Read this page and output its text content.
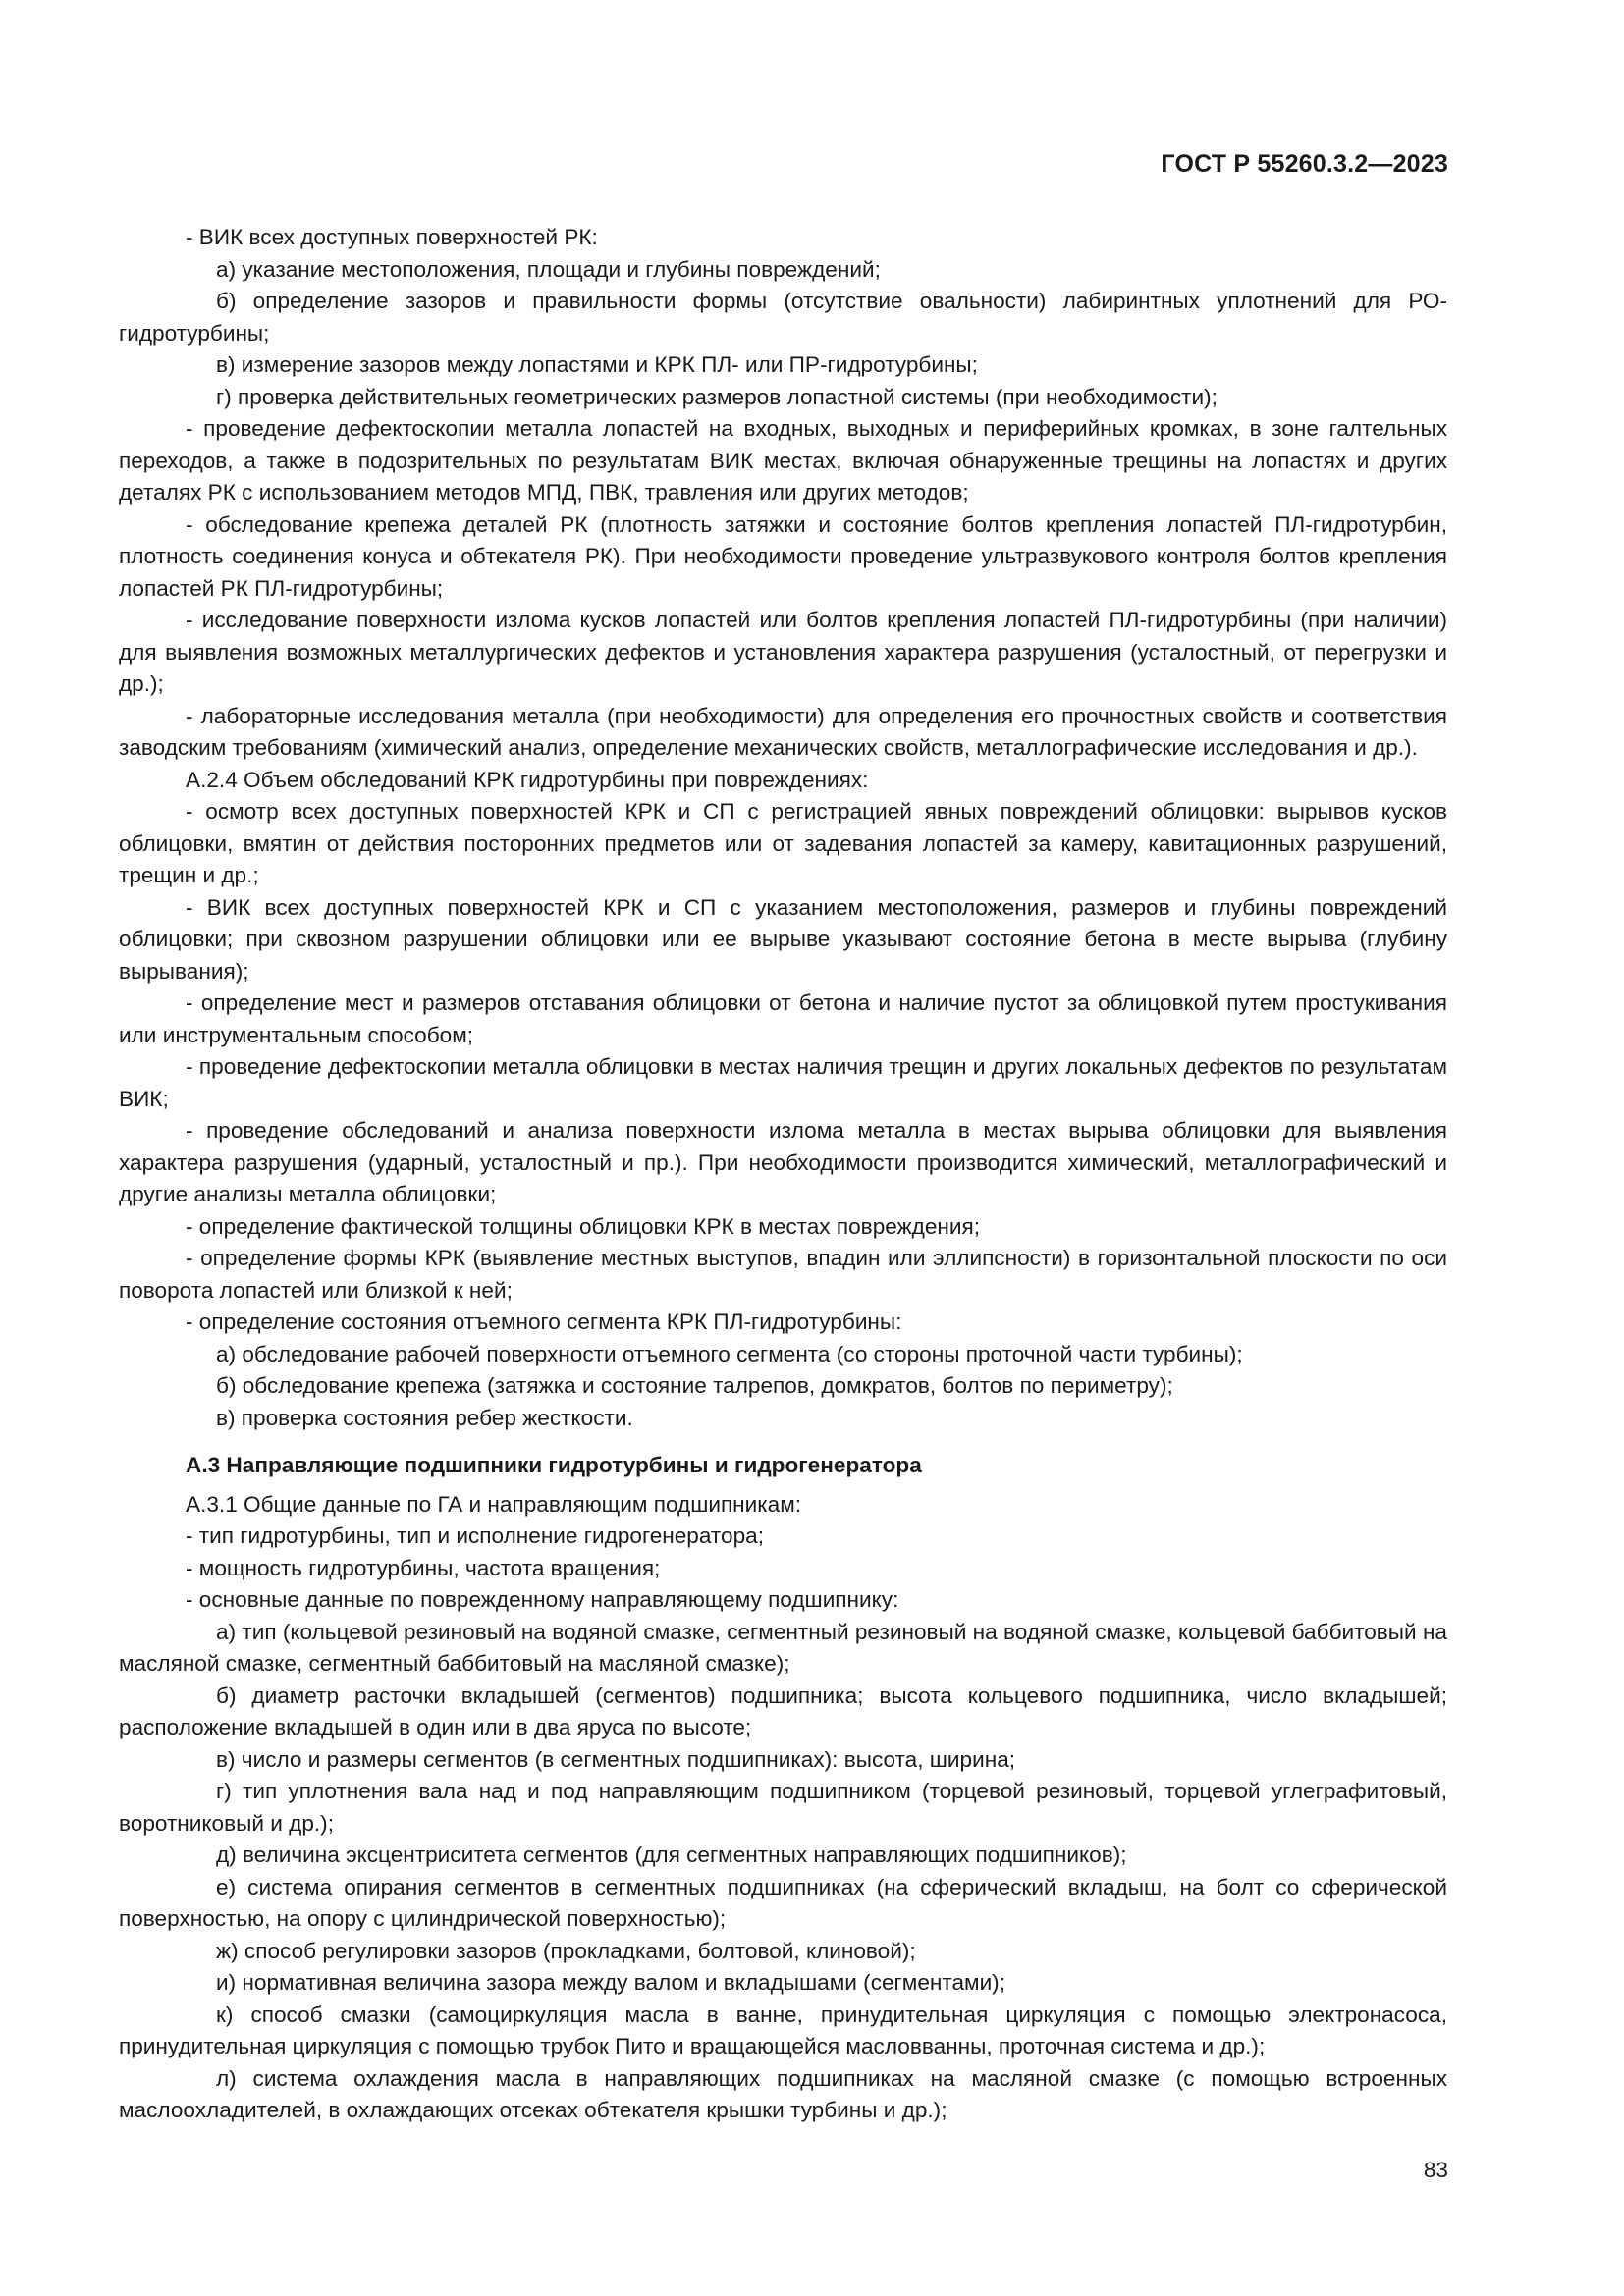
ГОСТ Р 55260.3.2—2023

- ВИК всех доступных поверхностей РК:

а) указание местоположения, площади и глубины повреждений;

б) определение зазоров и правильности формы (отсутствие овальности) лабиринтных уплотнений для РО-гидротурбины;

в) измерение зазоров между лопастями и КРК ПЛ- или ПР-гидротурбины;

г) проверка действительных геометрических размеров лопастной системы (при необходимости);

- проведение дефектоскопии металла лопастей на входных, выходных и периферийных кромках, в зоне галтельных переходов, а также в подозрительных по результатам ВИК местах, включая обнаруженные трещины на лопастях и других деталях РК с использованием методов МПД, ПВК, травления или других методов;

- обследование крепежа деталей РК (плотность затяжки и состояние болтов крепления лопастей ПЛ-гидротурбин, плотность соединения конуса и обтекателя РК). При необходимости проведение ультразвукового контроля болтов крепления лопастей РК ПЛ-гидротурбины;

- исследование поверхности излома кусков лопастей или болтов крепления лопастей ПЛ-гидротурбины (при наличии) для выявления возможных металлургических дефектов и установления характера разрушения (усталостный, от перегрузки и др.);

- лабораторные исследования металла (при необходимости) для определения его прочностных свойств и соответствия заводским требованиям (химический анализ, определение механических свойств, металлографические исследования и др.).

А.2.4 Объем обследований КРК гидротурбины при повреждениях:

- осмотр всех доступных поверхностей КРК и СП с регистрацией явных повреждений облицовки: вырывов кусков облицовки, вмятин от действия посторонних предметов или от задевания лопастей за камеру, кавитационных разрушений, трещин и др.;

- ВИК всех доступных поверхностей КРК и СП с указанием местоположения, размеров и глубины повреждений облицовки; при сквозном разрушении облицовки или ее вырыве указывают состояние бетона в месте вырыва (глубину вырывания);

- определение мест и размеров отставания облицовки от бетона и наличие пустот за облицовкой путем простукивания или инструментальным способом;

- проведение дефектоскопии металла облицовки в местах наличия трещин и других локальных дефектов по результатам ВИК;

- проведение обследований и анализа поверхности излома металла в местах вырыва облицовки для выявления характера разрушения (ударный, усталостный и пр.). При необходимости производится химический, металлографический и другие анализы металла облицовки;

- определение фактической толщины облицовки КРК в местах повреждения;

- определение формы КРК (выявление местных выступов, впадин или эллипсности) в горизонтальной плоскости по оси поворота лопастей или близкой к ней;

- определение состояния отъемного сегмента КРК ПЛ-гидротурбины:

а) обследование рабочей поверхности отъемного сегмента (со стороны проточной части турбины);

б) обследование крепежа (затяжка и состояние талрепов, домкратов, болтов по периметру);

в) проверка состояния ребер жесткости.

А.3 Направляющие подшипники гидротурбины и гидрогенератора

А.3.1 Общие данные по ГА и направляющим подшипникам:

- тип гидротурбины, тип и исполнение гидрогенератора;

- мощность гидротурбины, частота вращения;

- основные данные по поврежденному направляющему подшипнику:

а) тип (кольцевой резиновый на водяной смазке, сегментный резиновый на водяной смазке, кольцевой баббитовый на масляной смазке, сегментный баббитовый на масляной смазке);

б) диаметр расточки вкладышей (сегментов) подшипника; высота кольцевого подшипника, число вкладышей; расположение вкладышей в один или в два яруса по высоте;

в) число и размеры сегментов (в сегментных подшипниках): высота, ширина;

г) тип уплотнения вала над и под направляющим подшипником (торцевой резиновый, торцевой углеграфитовый, воротниковый и др.);

д) величина эксцентриситета сегментов (для сегментных направляющих подшипников);

е) система опирания сегментов в сегментных подшипниках (на сферический вкладыш, на болт со сферической поверхностью, на опору с цилиндрической поверхностью);

ж) способ регулировки зазоров (прокладками, болтовой, клиновой);

и) нормативная величина зазора между валом и вкладышами (сегментами);

к) способ смазки (самоциркуляция масла в ванне, принудительная циркуляция с помощью электронасоса, принудительная циркуляция с помощью трубок Пито и вращающейся масловванны, проточная система и др.);

л) система охлаждения масла в направляющих подшипниках на масляной смазке (с помощью встроенных маслоохладителей, в охлаждающих отсеках обтекателя крышки турбины и др.);

83
